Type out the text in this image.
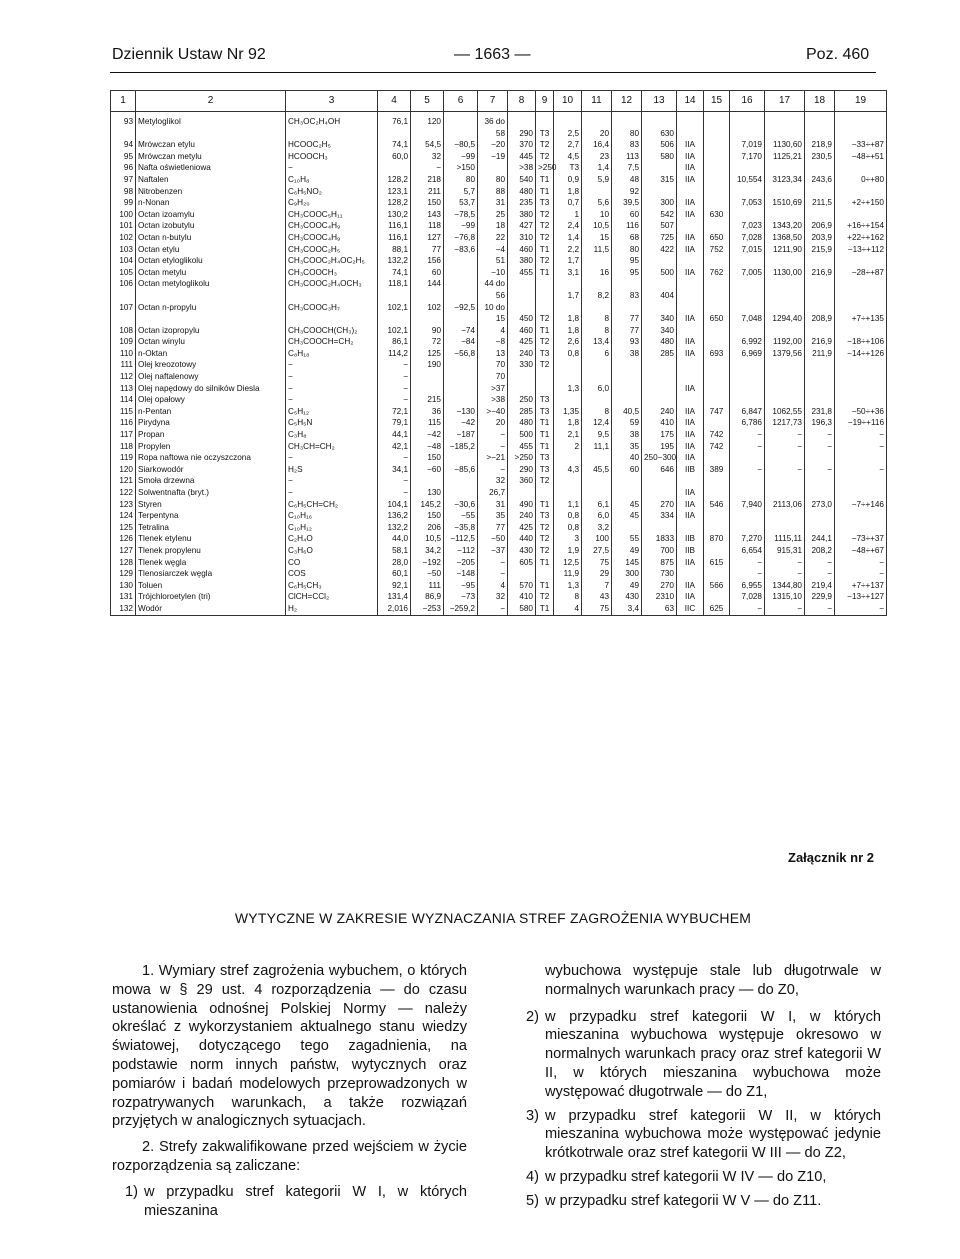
Dziennik Ustaw Nr 92	— 1663 —	Poz. 460
1	2	3	4	5	6	7	8	9	10	11	12	13	14	15	16	17	18	19

93	Metyloglikol	CH₃OC₂H₄OH	76,1	120		36 do												
						58	290	T3	2,5	20	80	630						
94	Mrówczan etylu	HCOOC₂H₅	74,1	54,5	−80,5	−20	370	T2	2,7	16,4	83	506	IIA		7,019	1130,60	218,9	−33÷+87
95	Mrówczan metylu	HCOOCH₃	60,0	32	−99	−19	445	T2	4,5	23	113	580	IIA		7,170	1125,21	230,5	−48÷+51
96	Nafta oświetleniowa	−		−	>150		>38	>250	T3	1,4	7,5		IIA					
97	Naftalen	C₁₀H₈	128,2	218	80	80	540	T1	0,9	5,9	48	315	IIA		10,554	3123,34	243,6	0÷+80
98	Nitrobenzen	C₆H₅NO₂	123,1	211	5,7	88	480	T1	1,8		92							
99	n-Nonan	C₉H₂₀	128,2	150	53,7	31	235	T3	0,7	5,6	39,5	300	IIA		7,053	1510,69	211,5	+2÷+150
100	Octan izoamylu	CH₃COOC₅H₁₁	130,2	143	−78,5	25	380	T2	1	10	60	542	IIA	630				
101	Octan izobutylu	CH₃COOC₄H₉	116,1	118	−99	18	427	T2	2,4	10,5	116	507			7,023	1343,20	206,9	+16÷+154
102	Octan n-butylu	CH₃COOC₄H₉	116,1	127	−76,8	22	310	T2	1,4	15	68	725	IIA	650	7,028	1368,50	203,9	+22÷+162
103	Octan etylu	CH₃COOC₂H₅	88,1	77	−83,6	−4	460	T1	2,2	11,5	80	422	IIA	752	7,015	1211,90	215,9	−13÷+112
104	Octan etyloglikolu	CH₃COOC₂H₄OC₂H₅	132,2	156		51	380	T2	1,7		95							
105	Octan metylu	CH₃COOCH₃	74,1	60		−10	455	T1	3,1	16	95	500	IIA	762	7,005	1130,00	216,9	−28÷+87
106	Octan metyloglikolu	CH₃COOC₂H₄OCH₃	118,1	144		44 do												
						56			1,7	8,2	83	404						
107	Octan n-propylu	CH₃COOC₃H₇	102,1	102	−92,5	10 do												
						15	450	T2	1,8	8	77	340	IIA	650	7,048	1294,40	208,9	+7÷+135
108	Octan izopropylu	CH₃COOCH(CH₃)₂	102,1	90	−74	4	460	T1	1,8	8	77	340						
109	Octan winylu	CH₃COOCH=CH₂	86,1	72	−84	−8	425	T2	2,6	13,4	93	480	IIA		6,992	1192,00	216,9	−18÷+106
110	n-Oktan	C₈H₁₈	114,2	125	−56,8	13	240	T3	0,8	6	38	285	IIA	693	6,969	1379,56	211,9	−14÷+126
111	Olej kreozotowy	−	−	190		70	330	T2										
112	Olej naftalenowy	−	−			70												
113	Olej napędowy do silników Diesla	−	−			>37			1,3	6,0			IIA					
114	Olej opałowy	−	−	215		>38	250	T3										
115	n-Pentan	C₅H₁₂	72,1	36	−130	>−40	285	T3	1,35	8	40,5	240	IIA	747	6,847	1062,55	231,8	−50÷+36
116	Pirydyna	C₅H₅N	79,1	115	−42	20	480	T1	1,8	12,4	59	410	IIA		6,786	1217,73	196,3	−19÷+116
117	Propan	C₃H₈	44,1	−42	−187	−	500	T1	2,1	9,5	38	175	IIA	742	−	−	−	−
118	Propylen	CH₃CH=CH₂	42,1	−48	−185,2	−	455	T1	2	11,1	35	195	IIA	742	−	−	−	−
119	Ropa naftowa nie oczyszczona	−	−	150		>−21	>250	T3			40	250−300	IIA					
120	Siarkowodór	H₂S	34,1	−60	−85,6	−	290	T3	4,3	45,5	60	646	IIB	389	−	−	−	−
121	Smoła drzewna	−	−			32	360	T2										
122	Solwentnafta (bryt.)	−	−	130		26,7							IIA					
123	Styren	C₆H₅CH=CH₂	104,1	145,2	−30,6	31	490	T1	1,1	6,1	45	270	IIA	546	7,940	2113,06	273,0	−7÷+146
124	Terpentyna	C₁₀H₁₆	136,2	150	−55	35	240	T3	0,8	6,0	45	334	IIA					
125	Tetralina	C₁₀H₁₂	132,2	206	−35,8	77	425	T2	0,8	3,2								
126	Tlenek etylenu	C₂H₄O	44,0	10,5	−112,5	−50	440	T2	3	100	55	1833	IIB	870	7,270	1115,11	244,1	−73÷+37
127	Tlenek propylenu	C₃H₆O	58,1	34,2	−112	−37	430	T2	1,9	27,5	49	700	IIB		6,654	915,31	208,2	−48÷+67
128	Tlenek węgla	CO	28,0	−192	−205	−	605	T1	12,5	75	145	875	IIA	615	−	−	−	−
129	Tlenosiarczek węgla	COS	60,1	−50	−148	−			11,9	29	300	730			−	−	−	−
130	Toluen	C₆H₅CH₃	92,1	111	−95	4	570	T1	1,3	7	49	270	IIA	566	6,955	1344,80	219,4	+7÷+137
131	Trójchloroetylen (tri)	ClCH=CCl₂	131,4	86,9	−73	32	410	T2	8	43	430	2310	IIA		7,028	1315,10	229,9	−13÷+127
132	Wodór	H₂	2,016	−253	−259,2	−	580	T1	4	75	3,4	63	IIC	625	−	−	−	−
Załącznik nr 2
WYTYCZNE W ZAKRESIE WYZNACZANIA STREF ZAGROŻENIA WYBUCHEM

1. Wymiary stref zagrożenia wybuchem, o których mowa w § 29 ust. 4 rozporządzenia — do czasu ustanowienia odnośnej Polskiej Normy — należy określać z wykorzystaniem aktualnego stanu wiedzy światowej, dotyczącego tego zagadnienia, na podstawie norm innych państw, wytycznych oraz pomiarów i badań modelowych przeprowadzonych w rozpatrywanych warunkach, a także rozwiązań przyjętych w analogicznych sytuacjach.

2. Strefy zakwalifikowane przed wejściem w życie rozporządzenia są zaliczane:

1) w przypadku stref kategorii W I, w których mieszanina
wybuchowa występuje stale lub długotrwale w normalnych warunkach pracy — do Z0,
2) w przypadku stref kategorii W I, w których mieszanina wybuchowa występuje okresowo w normalnych warunkach pracy oraz stref kategorii W II, w których mieszanina wybuchowa może występować długotrwale — do Z1,
3) w przypadku stref kategorii W II, w których mieszanina wybuchowa może występować jedynie krótkotrwale oraz stref kategorii W III — do Z2,
4) w przypadku stref kategorii W IV — do Z10,
5) w przypadku stref kategorii W V — do Z11.
